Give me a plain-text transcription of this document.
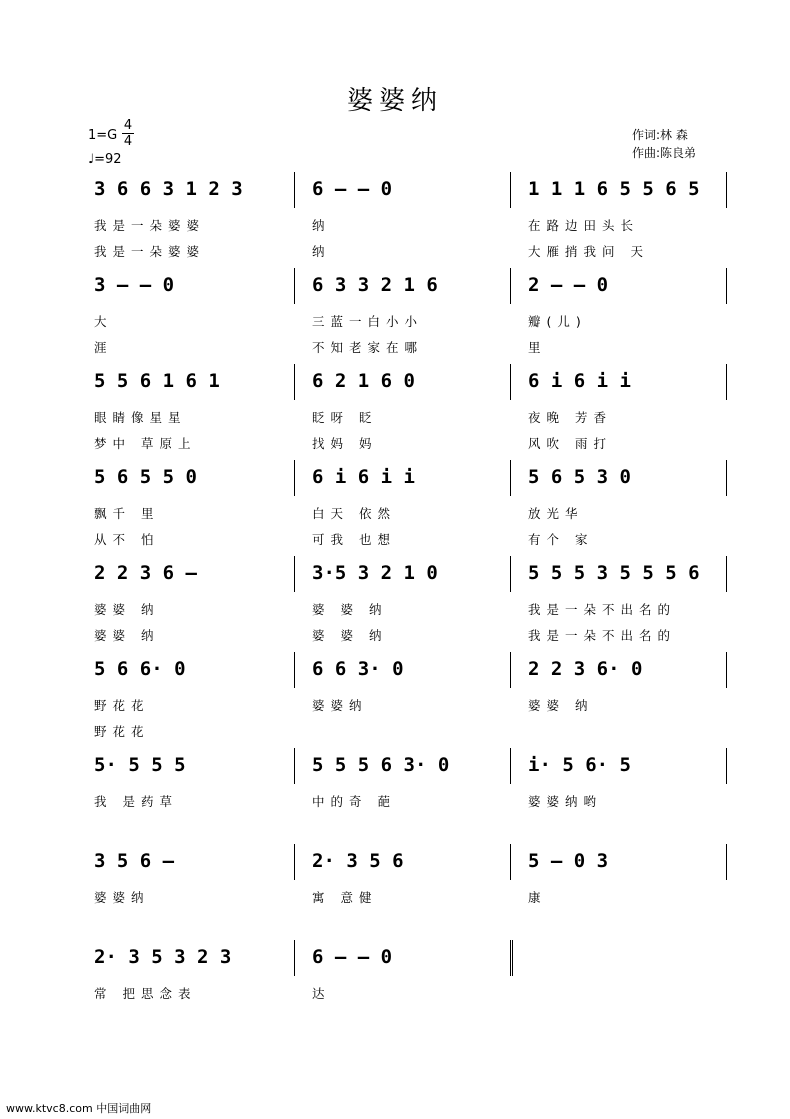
婆婆纳
1=G
4
4
♩=92
作词:林 森
作曲:陈良弟
3 6 6 3 1 2 3
我是一朵婆婆
我是一朵婆婆
6 – – 0
纳
纳
1 1 1 6 5 5 6 5
在路边田头长
大雁捎我问 天
3 – – 0
大
涯
6 3 3 2 1 6
三蓝一白小小
不知老家在哪
2 – – 0
瓣(儿)
里
5 5 6 1 6 1
眼睛像星星
梦中 草原上
6 2 1 6 0
眨呀 眨
找妈 妈
6 i 6 i i
夜晚 芳香
风吹 雨打
5 6 5 5 0
飘千 里
从不 怕
6 i 6 i i
白天 依然
可我 也想
5 6 5 3 0
放光华
有个 家
2 2 3 6 –
婆婆 纳
婆婆 纳
3·5 3 2 1 0
婆 婆 纳
婆 婆 纳
5 5 5 3 5 5 5 6
我是一朵不出名的
我是一朵不出名的
5 6 6· 0
野花花
野花花
6 6 3· 0
婆婆纳
2 2 3 6· 0
婆婆 纳
5· 5 5 5
我 是药草
5 5 5 6 3· 0
中的奇 葩
i· 5 6· 5
婆婆纳哟
3 5 6 –
婆婆纳
2· 3 5 6
寓 意健
5 – 0 3
康
2· 3 5 3 2 3
常 把思念表
6 – – 0
达
www.ktvc8.com 中国词曲网
